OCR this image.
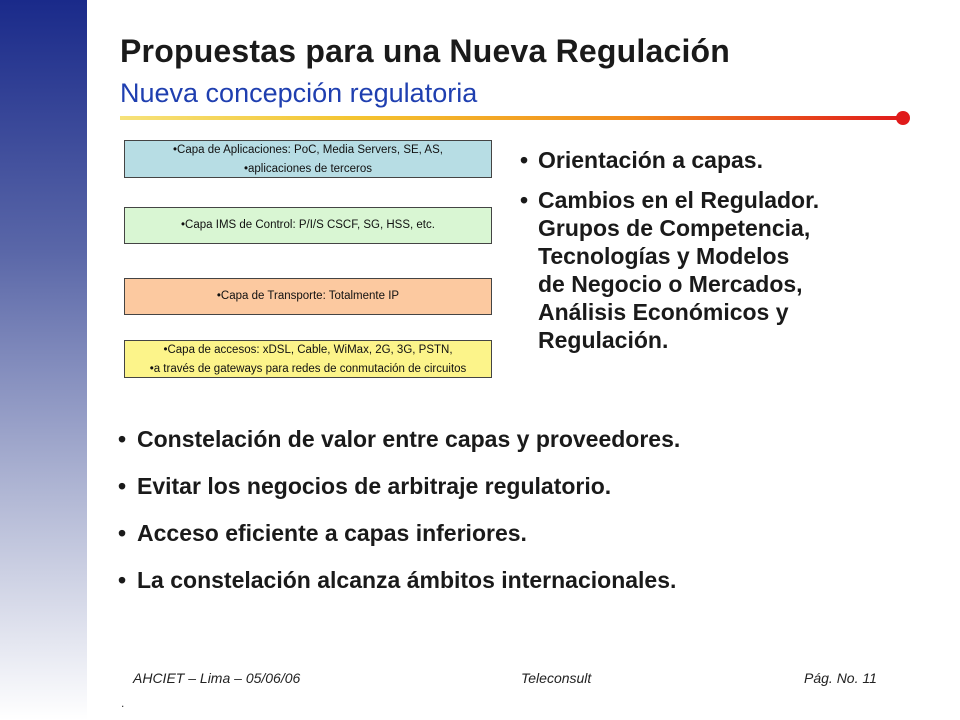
Propuestas para una Nueva Regulación
Nueva concepción regulatoria
•Capa de Aplicaciones: PoC, Media Servers, SE, AS,
•aplicaciones de terceros
•Capa IMS de Control: P/I/S CSCF, SG, HSS, etc.
•Capa de Transporte: Totalmente IP
•Capa de accesos: xDSL, Cable, WiMax, 2G, 3G, PSTN,
•a través de gateways para redes de conmutación de circuitos
• Orientación a capas.
• Cambios en el Regulador.
Grupos de Competencia,
Tecnologías y Modelos
de Negocio o Mercados,
Análisis Económicos y
Regulación.
• Constelación de valor entre capas y proveedores.
• Evitar los negocios de arbitraje regulatorio.
• Acceso eficiente a capas inferiores.
• La constelación alcanza ámbitos internacionales.
AHCIET – Lima – 05/06/06	Teleconsult	Pág. No. 11
.
